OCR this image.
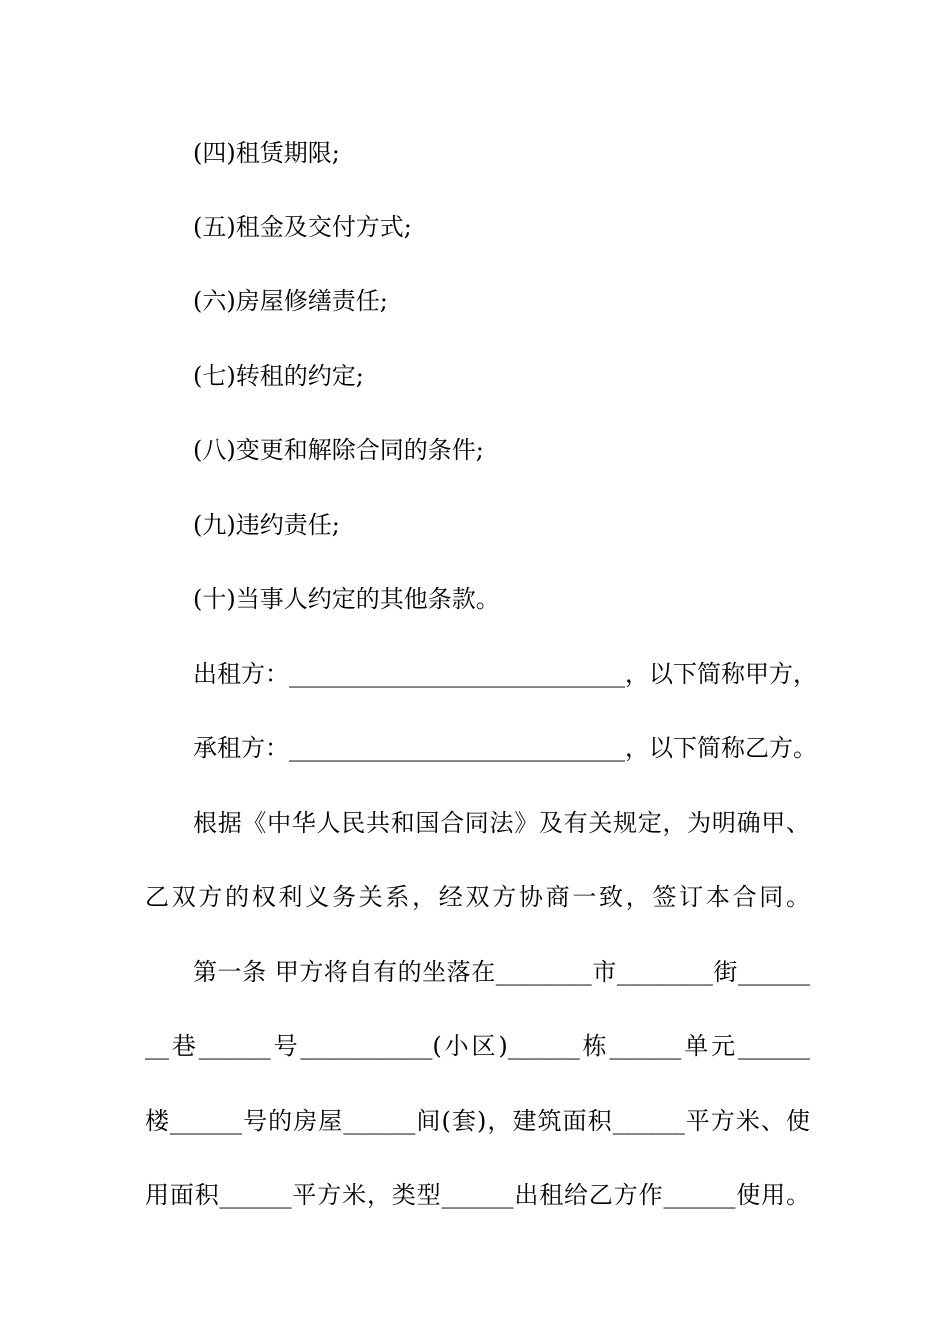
(四)租赁期限;
(五)租金及交付方式;
(六)房屋修缮责任;
(七)转租的约定;
(八)变更和解除合同的条件;
(九)违约责任;
(十)当事人约定的其他条款。
出租方：____________________________，以下简称甲方，
承租方：____________________________，以下简称乙方。
根据《中华人民共和国合同法》及有关规定，为明确甲、
乙双方的权利义务关系，经双方协商一致，签订本合同。
第一条 甲方将自有的坐落在________市________街______
__巷______号___________(小区)______栋______单元______
楼______号的房屋______间(套)，建筑面积______平方米、使
用面积______平方米，类型______出租给乙方作______使用。
